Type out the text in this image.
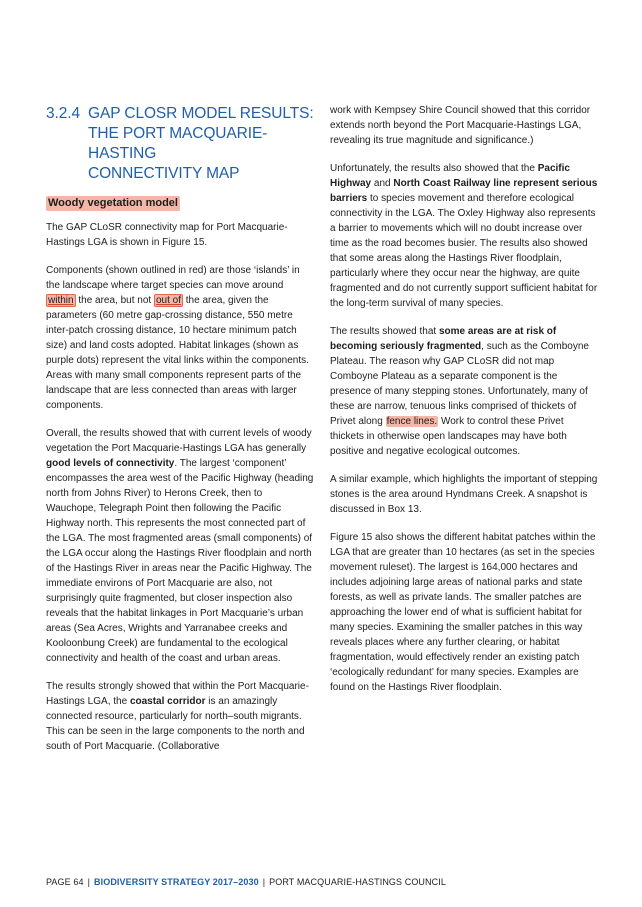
3.2.4 GAP CLOSR MODEL RESULTS:
THE PORT MACQUARIE-HASTING
CONNECTIVITY MAP
Woody vegetation model

The GAP CLoSR connectivity map for Port Macquarie-Hastings LGA is shown in Figure 15.

Components (shown outlined in red) are those ‘islands’ in the landscape where target species can move around within the area, but not out of the area, given the parameters (60 metre gap-crossing distance, 550 metre inter-patch crossing distance, 10 hectare minimum patch size) and land costs adopted. Habitat linkages (shown as purple dots) represent the vital links within the components. Areas with many small components represent parts of the landscape that are less connected than areas with larger components.

Overall, the results showed that with current levels of woody vegetation the Port Macquarie-Hastings LGA has generally good levels of connectivity. The largest ‘component’ encompasses the area west of the Pacific Highway (heading north from Johns River) to Herons Creek, then to Wauchope, Telegraph Point then following the Pacific Highway north. This represents the most connected part of the LGA. The most fragmented areas (small components) of the LGA occur along the Hastings River floodplain and north of the Hastings River in areas near the Pacific Highway. The immediate environs of Port Macquarie are also, not surprisingly quite fragmented, but closer inspection also reveals that the habitat linkages in Port Macquarie’s urban areas (Sea Acres, Wrights and Yarranabee creeks and Kooloonbung Creek) are fundamental to the ecological connectivity and health of the coast and urban areas.

The results strongly showed that within the Port Macquarie-Hastings LGA, the coastal corridor is an amazingly connected resource, particularly for north–south migrants. This can be seen in the large components to the north and south of Port Macquarie. (Collaborative

work with Kempsey Shire Council showed that this corridor extends north beyond the Port Macquarie-Hastings LGA, revealing its true magnitude and significance.)

Unfortunately, the results also showed that the Pacific Highway and North Coast Railway line represent serious barriers to species movement and therefore ecological connectivity in the LGA. The Oxley Highway also represents a barrier to movements which will no doubt increase over time as the road becomes busier. The results also showed that some areas along the Hastings River floodplain, particularly where they occur near the highway, are quite fragmented and do not currently support sufficient habitat for the long-term survival of many species.

The results showed that some areas are at risk of becoming seriously fragmented, such as the Comboyne Plateau. The reason why GAP CLoSR did not map Comboyne Plateau as a separate component is the presence of many stepping stones. Unfortunately, many of these are narrow, tenuous links comprised of thickets of Privet along fence lines. Work to control these Privet thickets in otherwise open landscapes may have both positive and negative ecological outcomes.

A similar example, which highlights the important of stepping stones is the area around Hyndmans Creek. A snapshot is discussed in Box 13.

Figure 15 also shows the different habitat patches within the LGA that are greater than 10 hectares (as set in the species movement ruleset). The largest is 164,000 hectares and includes adjoining large areas of national parks and state forests, as well as private lands. The smaller patches are approaching the lower end of what is sufficient habitat for many species. Examining the smaller patches in this way reveals places where any further clearing, or habitat fragmentation, would effectively render an existing patch ‘ecologically redundant’ for many species. Examples are found on the Hastings River floodplain.

PAGE 64 | BIODIVERSITY STRATEGY 2017–2030 | PORT MACQUARIE-HASTINGS COUNCIL
